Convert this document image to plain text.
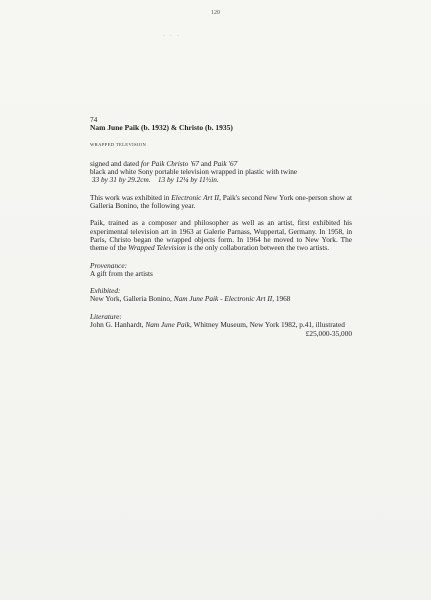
120
- - -

74

Nam June Paik (b. 1932) & Christo (b. 1935)

WRAPPED TELEVISION

signed and dated for Paik Christo '67 and Paik '67

black and white Sony portable television wrapped in plastic with twine

33 by 31 by 29.2cm. 13 by 12¼ by 11½in.

This work was exhibited in Electronic Art II, Paik's second New York one-person show at Galleria Bonino, the following year.

Paik, trained as a composer and philosopher as well as an artist, first exhibited his experimental television art in 1963 at Galerie Parnass, Wuppertal, Germany. In 1958, in Paris, Christo began the wrapped objects form. In 1964 he moved to New York. The theme of the Wrapped Television is the only collaboration between the two artists.

Provenance:

A gift from the artists

Exhibited:

New York, Galleria Bonino, Nam June Paik - Electronic Art II, 1968

Literature:

John G. Hanhardt, Nam June Paik, Whitney Museum, New York 1982, p.41, illustrated

£25,000-35,000
